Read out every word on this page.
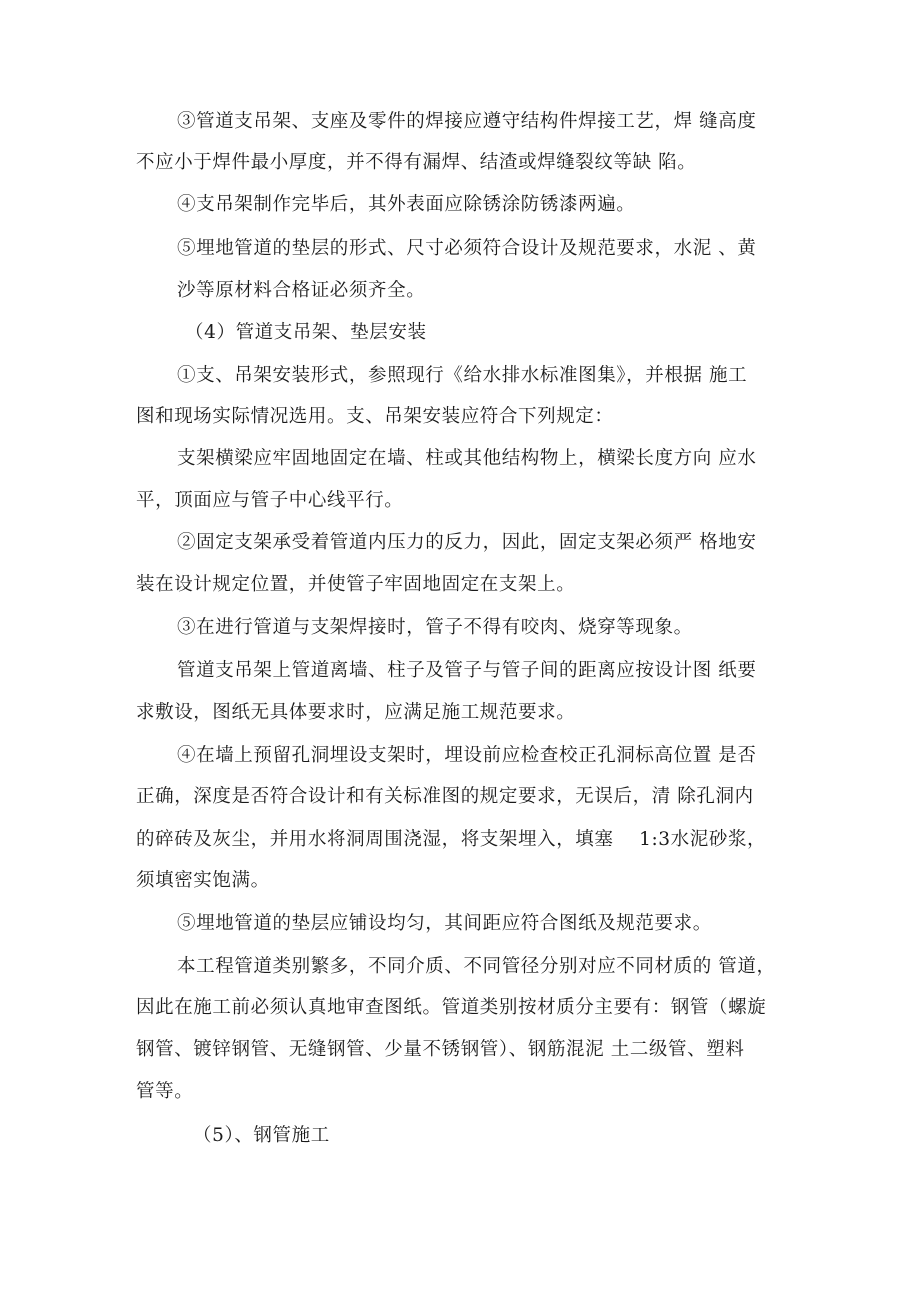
③管道支吊架、支座及零件的焊接应遵守结构件焊接工艺，焊 缝高度
不应小于焊件最小厚度，并不得有漏焊、结渣或焊缝裂纹等缺 陷。
④支吊架制作完毕后，其外表面应除锈涂防锈漆两遍。
⑤埋地管道的垫层的形式、尺寸必须符合设计及规范要求，水泥 、黄
沙等原材料合格证必须齐全。
（4）管道支吊架、垫层安装
①支、吊架安装形式，参照现行《给水排水标准图集》，并根据 施工
图和现场实际情况选用。支、吊架安装应符合下列规定：
支架横梁应牢固地固定在墙、柱或其他结构物上，横梁长度方向 应水
平，顶面应与管子中心线平行。
②固定支架承受着管道内压力的反力，因此，固定支架必须严 格地安
装在设计规定位置，并使管子牢固地固定在支架上。
③在进行管道与支架焊接时，管子不得有咬肉、烧穿等现象。
管道支吊架上管道离墙、柱子及管子与管子间的距离应按设计图 纸要
求敷设，图纸无具体要求时，应满足施工规范要求。
④在墙上预留孔洞埋设支架时，埋设前应检查校正孔洞标高位置 是否
正确，深度是否符合设计和有关标准图的规定要求，无误后，清 除孔洞内
的碎砖及灰尘，并用水将洞周围浇湿，将支架埋入，填塞　 1:3水泥砂浆，
须填密实饱满。
⑤埋地管道的垫层应铺设均匀，其间距应符合图纸及规范要求。
本工程管道类别繁多，不同介质、不同管径分别对应不同材质的 管道，
因此在施工前必须认真地审查图纸。管道类别按材质分主要有：钢管（螺旋
钢管、镀锌钢管、无缝钢管、少量不锈钢管）、钢筋混泥 土二级管、塑料
管等。
（5）、钢管施工
